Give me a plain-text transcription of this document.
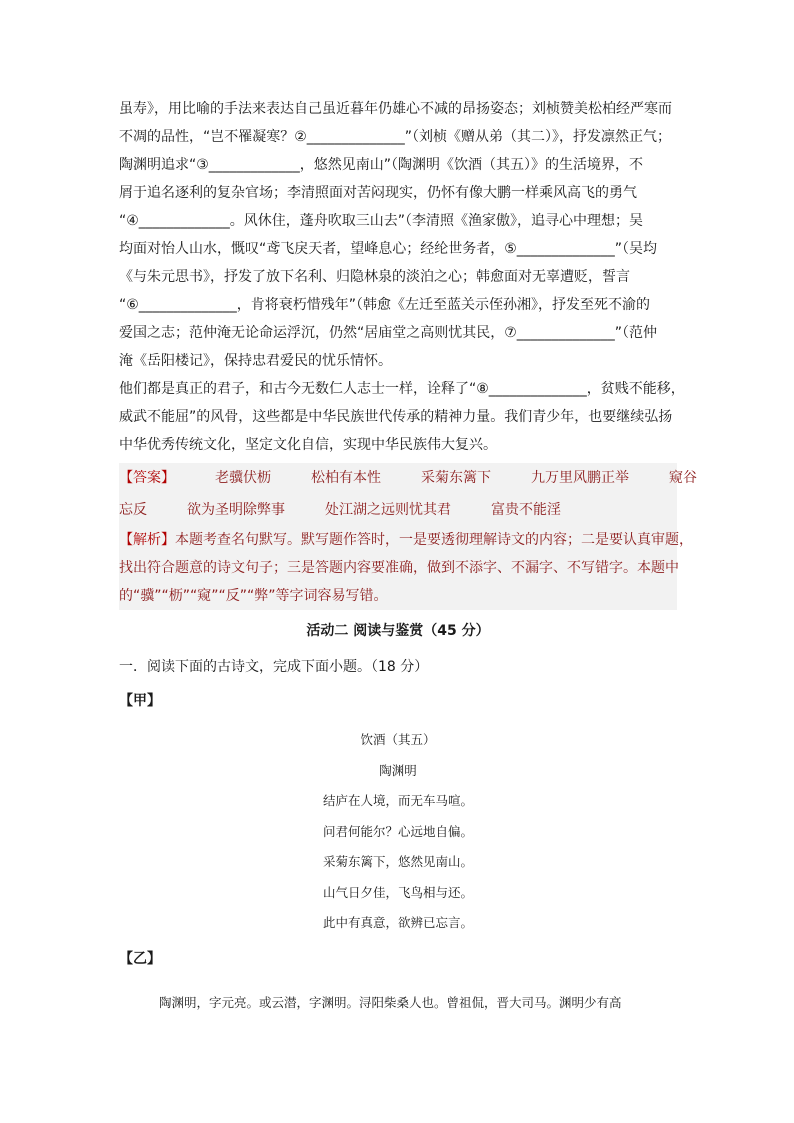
虽寿》，用比喻的手法来表达自己虽近暮年仍雄心不减的昂扬姿态；刘桢赞美松柏经严寒而
不凋的品性，“岂不罹凝寒？②______________”（刘桢《赠从弟（其二）》，抒发凛然正气；
陶渊明追求“③_____________，悠然见南山”（陶渊明《饮酒（其五）》的生活境界，不
屑于追名逐利的复杂官场；李清照面对苦闷现实，仍怀有像大鹏一样乘风高飞的勇气
“④_____________。风休住，蓬舟吹取三山去”（李清照《渔家傲》，追寻心中理想；吴
均面对怡人山水，慨叹“鸢飞戾天者，望峰息心；经纶世务者，⑤______________”（吴均
《与朱元思书》，抒发了放下名利、归隐林泉的淡泊之心；韩愈面对无辜遭贬，誓言
“⑥______________，肯将衰朽惜残年”（韩愈《左迁至蓝关示侄孙湘》，抒发至死不渝的
爱国之志；范仲淹无论命运浮沉，仍然“居庙堂之高则忧其民，⑦______________”（范仲
淹《岳阳楼记》，保持忠君爱民的忧乐情怀。
他们都是真正的君子，和古今无数仁人志士一样，诠释了“⑧______________，贫贱不能移，
威武不能屈”的风骨，这些都是中华民族世代传承的精神力量。我们青少年，也要继续弘扬
中华优秀传统文化，坚定文化自信，实现中华民族伟大复兴。
【答案】	老骥伏枥	松柏有本性	采菊东篱下	九万里风鹏正举	窥谷
忘反	欲为圣明除弊事	处江湖之远则忧其君	富贵不能淫
【解析】本题考查名句默写。默写题作答时，一是要透彻理解诗文的内容；二是要认真审题，
找出符合题意的诗文句子；三是答题内容要准确，做到不添字、不漏字、不写错字。本题中
的“骥”“枥”“窥”“反”“弊”等字词容易写错。
活动二 阅读与鉴赏（45 分）
一．阅读下面的古诗文，完成下面小题。（18 分）
【甲】
饮酒（其五）
陶渊明
结庐在人境，而无车马喧。
问君何能尔？心远地自偏。
采菊东篱下，悠然见南山。
山气日夕佳，飞鸟相与还。
此中有真意，欲辨已忘言。
【乙】
陶渊明，字元亮。或云潜，字渊明。浔阳柴桑人也。曾祖侃，晋大司马。渊明少有高
